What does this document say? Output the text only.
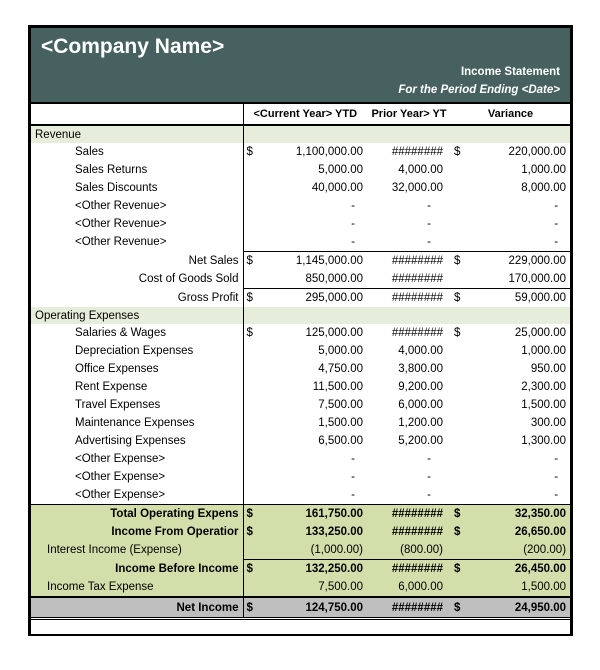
<Company Name>
Income Statement
For the Period Ending <Date>
	<Current Year> YTD		Prior Year> YT	Variance	
Revenue					
Sales	$	1,100,000.00	########	$	220,000.00
Sales Returns		5,000.00	4,000.00		1,000.00
Sales Discounts		40,000.00	32,000.00		8,000.00
<Other Revenue>		-	-		-
<Other Revenue>		-	-		-
<Other Revenue>		-	-		-
Net Sales	$	1,145,000.00	########	$	229,000.00
Cost of Goods Sold		850,000.00	########		170,000.00
Gross Profit	$	295,000.00	########	$	59,000.00
Operating Expenses					
Salaries & Wages	$	125,000.00	########	$	25,000.00
Depreciation Expenses		5,000.00	4,000.00		1,000.00
Office Expenses		4,750.00	3,800.00		950.00
Rent Expense		11,500.00	9,200.00		2,300.00
Travel Expenses		7,500.00	6,000.00		1,500.00
Maintenance Expenses		1,500.00	1,200.00		300.00
Advertising Expenses		6,500.00	5,200.00		1,300.00
<Other Expense>		-	-		-
<Other Expense>		-	-		-
<Other Expense>		-	-		-
Total Operating Expens	$	161,750.00	########	$	32,350.00
Income From Operatior	$	133,250.00	########	$	26,650.00
Interest Income (Expense)		(1,000.00)	(800.00)		(200.00)
Income Before Income	$	132,250.00	########	$	26,450.00
Income Tax Expense		7,500.00	6,000.00		1,500.00
Net Income	$	124,750.00	########	$	24,950.00
